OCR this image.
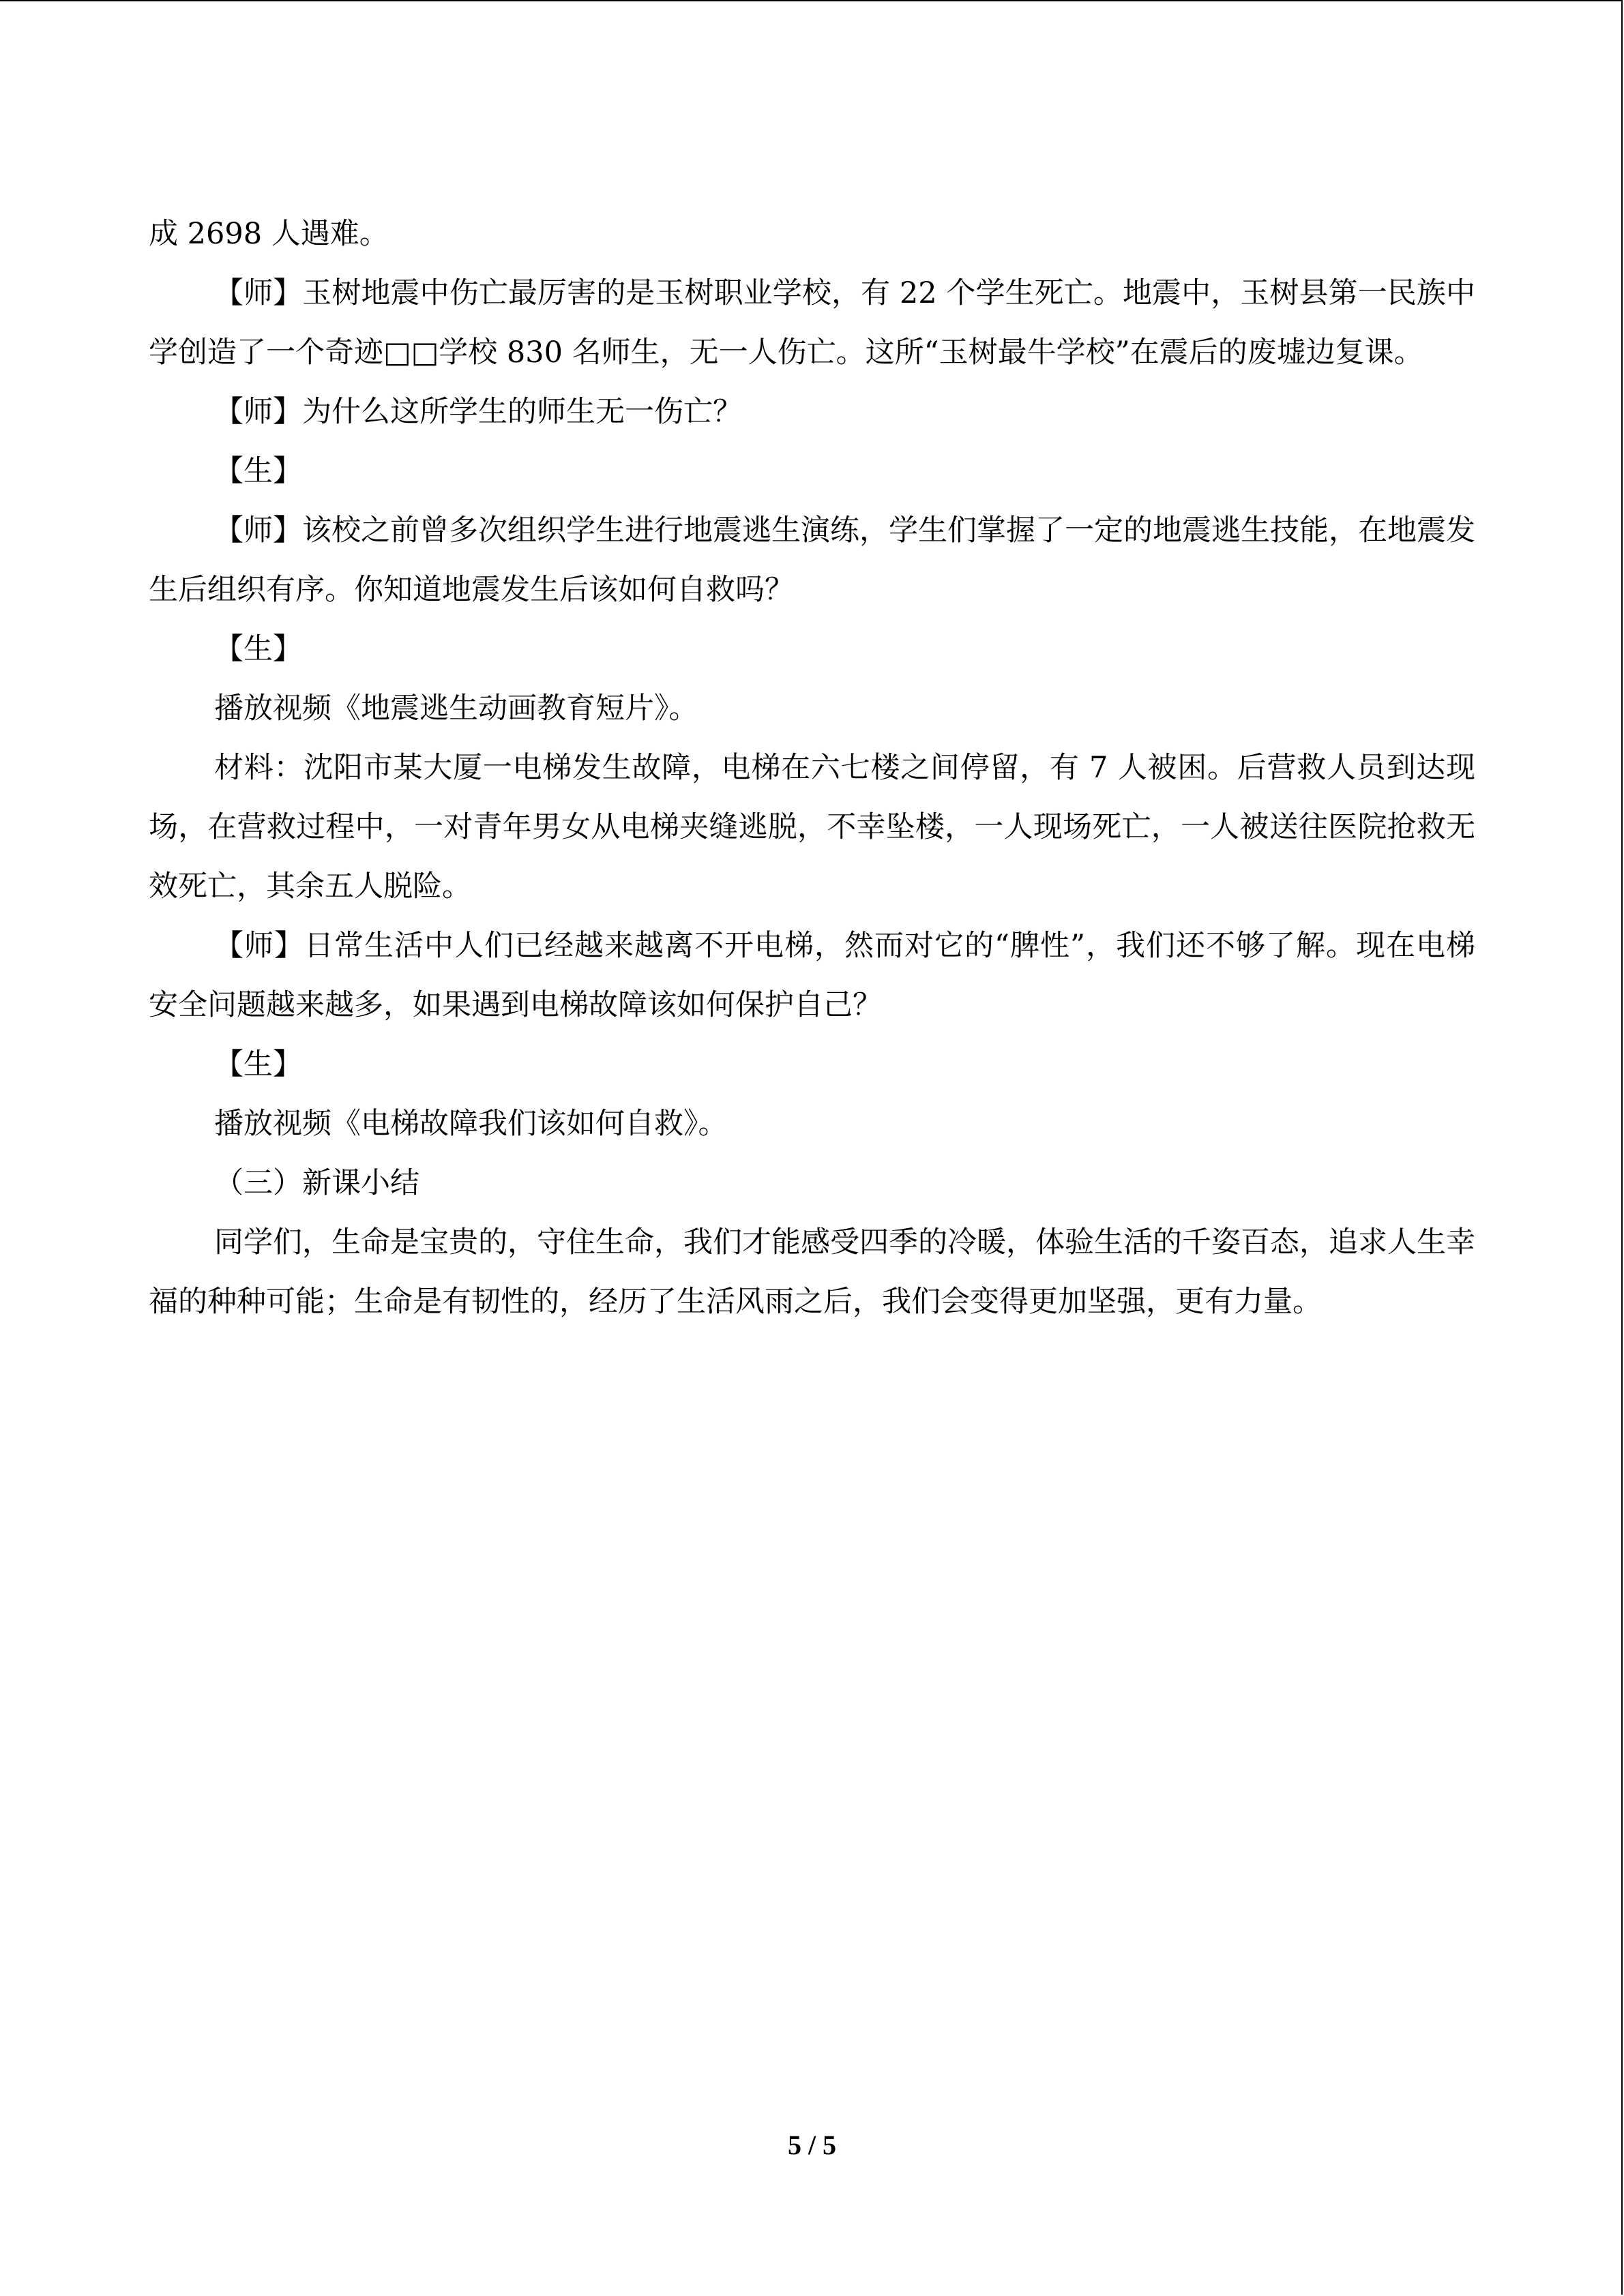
成 2698 人遇难。

【师】玉树地震中伤亡最厉害的是玉树职业学校，有 22 个学生死亡。地震中，玉树县第一民族中学创造了一个奇迹□□学校 830 名师生，无一人伤亡。这所“玉树最牛学校”在震后的废墟边复课。

【师】为什么这所学生的师生无一伤亡？

【生】

【师】该校之前曾多次组织学生进行地震逃生演练，学生们掌握了一定的地震逃生技能，在地震发生后组织有序。你知道地震发生后该如何自救吗？

【生】

播放视频《地震逃生动画教育短片》。

材料：沈阳市某大厦一电梯发生故障，电梯在六七楼之间停留，有 7 人被困。后营救人员到达现场，在营救过程中，一对青年男女从电梯夹缝逃脱，不幸坠楼，一人现场死亡，一人被送往医院抢救无效死亡，其余五人脱险。

【师】日常生活中人们已经越来越离不开电梯，然而对它的“脾性”，我们还不够了解。现在电梯安全问题越来越多，如果遇到电梯故障该如何保护自己？

【生】

播放视频《电梯故障我们该如何自救》。

（三）新课小结

同学们，生命是宝贵的，守住生命，我们才能感受四季的冷暖，体验生活的千姿百态，追求人生幸福的种种可能；生命是有韧性的，经历了生活风雨之后，我们会变得更加坚强，更有力量。

5 / 5
